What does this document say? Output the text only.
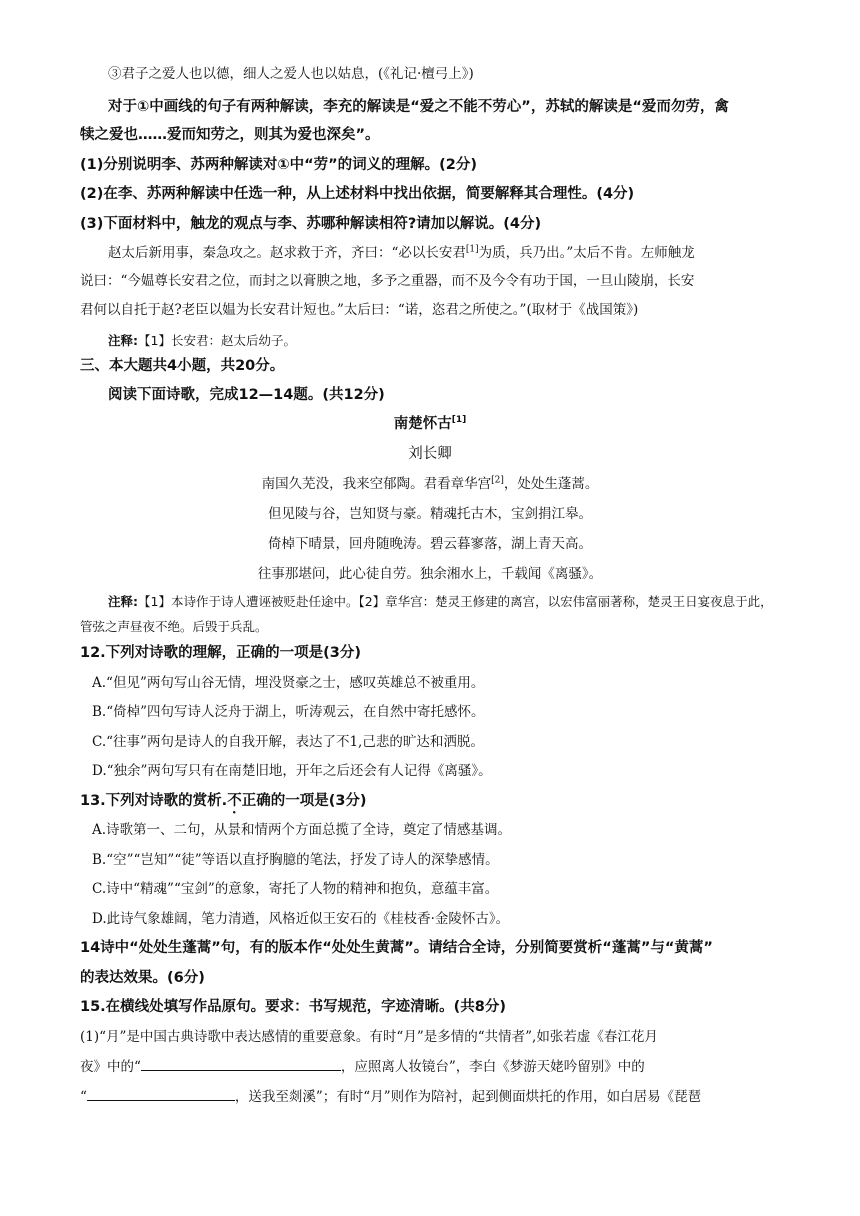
③君子之爱人也以德，细人之爱人也以姑息，(《礼记·檀弓上》)
对于①中画线的句子有两种解读，李充的解读是“爱之不能不劳心”，苏轼的解读是“爱而勿劳，禽
犊之爱也……爱而知劳之，则其为爱也深矣”。
(1)分别说明李、苏两种解读对①中“劳”的词义的理解。(2分)
(2)在李、苏两种解读中任选一种，从上述材料中找出依据，简要解释其合理性。(4分)
(3)下面材料中，触龙的观点与李、苏哪种解读相符?请加以解说。(4分)
赵太后新用事，秦急攻之。赵求救于齐，齐曰：“必以长安君[1]为质，兵乃出。”太后不肯。左师触龙
说曰：“今媪尊长安君之位，而封之以膏腴之地，多予之重器，而不及今令有功于国，一旦山陵崩，长安
君何以自托于赵?老臣以媪为长安君计短也。”太后曰：“诺，恣君之所使之。”(取材于《战国策》)
注释:【1】长安君：赵太后幼子。
三、本大题共4小题，共20分。
阅读下面诗歌，完成12—14题。(共12分)
南楚怀古[1]
刘长卿
南国久芜没，我来空郁陶。君看章华宫[2]，处处生蓬蒿。
但见陵与谷，岂知贤与豪。精魂托古木，宝剑捐江皋。
倚棹下晴景，回舟随晚涛。碧云暮寥落，湖上青天高。
往事那堪问，此心徒自劳。独余湘水上，千载闻《离骚》。
注释:【1】本诗作于诗人遭诬被贬赴任途中。【2】章华宫：楚灵王修建的离宫，以宏伟富丽著称，楚灵王日宴夜息于此，
管弦之声昼夜不绝。后毁于兵乱。
12.下列对诗歌的理解，正确的一项是(3分)
A.“但见”两句写山谷无情，埋没贤豪之士，感叹英雄总不被重用。
B.“倚棹”四句写诗人泛舟于湖上，听涛观云，在自然中寄托感怀。
C.“往事”两句是诗人的自我开解，表达了不1,己悲的旷达和洒脱。
D.“独余”两句写只有在南楚旧地，开年之后还会有人记得《离骚》。
13.下列对诗歌的赏析.不正确的一项是(3分)
A.诗歌第一、二句，从景和情两个方面总揽了全诗，奠定了情感基调。
B.“空”“岂知”“徒”等语以直抒胸臆的笔法，抒发了诗人的深挚感情。
C.诗中“精魂”“宝剑”的意象，寄托了人物的精神和抱负，意蕴丰富。
D.此诗气象雄阔，笔力清遒，风格近似王安石的《桂枝香·金陵怀古》。
14诗中“处处生蓬蒿”句，有的版本作“处处生黄蒿”。请结合全诗，分别简要赏析“蓬蒿”与“黄蒿”
的表达效果。(6分)
15.在横线处填写作品原句。要求：书写规范，字迹清晰。(共8分)
(1)“月”是中国古典诗歌中表达感情的重要意象。有时“月”是多情的“共情者”,如张若虚《春江花月
夜》中的“	，应照离人妆镜台”，李白《梦游天姥吟留别》中的
“	，送我至剡溪”；有时“月”则作为陪衬，起到侧面烘托的作用，如白居易《琵琶
